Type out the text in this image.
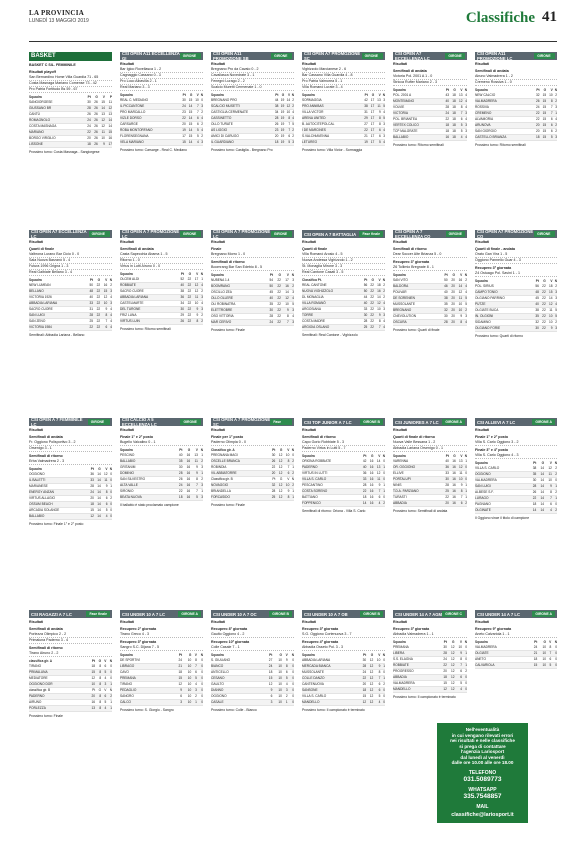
LA PROVINCIA
LUNEDÌ 13 MAGGIO 2019	Classifiche 41
BASKET
BASKET C SIL. FEMMINILE
Risultati playoff
San Bernardino Home Villa Guardia 71 - 65
Costa Masnaga Mariano Comense 73 - 42
Pro Patria Fortitudo Bs 59 - 67
Squadra	Pt	G	V	P
SANGIORGESE	30	26	15	11
GIUSSANO BR	28	26	14	12
CANTÙ	26	26	13	13
ROMAGNOLO	24	26	12	14
COSTA MASNAGA	24	26	12	14
MARIANO	22	26	11	15
BORGO VIRGILIO	20	26	10	16
LISSONE	18	26	9	17
Prossimo turno: Costa Masnaga - Sangiorgese
CSI OPEN A11 ECCELLENZA GI	GIRONE A
Risultati
Bar Igloo Rovellasca 1 - 2
Cagnaggio Cassano 0 - 3
Pro Loco Albavilla 2 - 1
Real Mariano 3 - 3
Squadra	Pt	G	V	N
REAL C. MEDIANO	30	15	10	0
IL PICCANTONE	24	14	7	3
PRO MARCALLO	23	15	7	2
VIZLE DORSO	22	14	6	4
CARSARGE	20	15	6	2
ROBA MONTORFANO	19	14	5	4
FLORENSEGNANA	17	15	5	2
VELA MARIANO	15	14	4	3
Prossimo turno: Carsarge - Real C. Mediano
CSI OPEN A11 PROMOZIONE SB	GIRONE B
Risultati
Bregnano Pro da Cavaio 0 - 2
Cavallasca Novedrate 3 - 1
Fenegrò Lurago 2 - 2
Scalcio Muretti Cermenate 1 - 0
Squadra	Pt	G	V	N
BREGNANO PRO	44	19	14	2
SCALCIO MUSETTI	38	19	12	2
CASTIGLIA CERMENATE	34	19	10	4
CASSINETTO	28	19	8	4
OLLO TURATE	26	19	7	5
AS LIGGIO	23	19	7	2
AMICI DI CARUGO	20	19	6	2
IL GUARDIANO	18	19	5	3
Prossimo turno: Castiglia - Bregnano Pro
CSI OPEN A7 PROMOZIONE SC	GIRONE D
Risultati
Vighizzolo Marcianese 2 - 6
Bar Cassano Villa Guardia 4 - 8
Pro Patria Valmorea 5 - 1
Villa Romanò Lurate 3 - 4
Squadra	Pt	G	V	N
SORMAGGIA	42	17	13	3
PRO ANNIBAS	38	17	11	5
VILLA VICTOR	31	17	9	4
ARENA UNITED	29	17	8	5
B. AUTOCITEPOLCAL	27	17	8	3
I DE MARCINES	22	17	6	4
S.VALCHIAVENNA	21	17	6	3
LETUREO	19	17	5	4
Prossimo turno: Villa Victor - Sormaggia
CSI OPEN A7 ECCELLENZA LC	GIRONE B
Risultati
Semifinali di andata
Victoria Pol. 2001 A 1 - 0
Stricca Rufter Mariano 2 - 3
Squadra	Pt	G	V	N
POL. 2001 A	43	18	13	4
MONTEMANO	40	18	12	4
VOLVIE	28	18	8	4
VICTORIA	24	18	7	3
POL. BRIANTEA	22	18	6	4
VERTEX COLICO	18	18	5	3
TCP MALGRATE	18	18	5	3
BALLABIO	16	18	4	4
Prossimo turno: Ritorno semifinali
CSI OPEN A11 PROMOZIONE LC	GIRONE B
Risultati
Semifinali di andata
Airuno Valmadrera 1 - 2
Cremeno Rossiva 1 - 0
Squadra	Pt	G	V	N
NEW CALCIO	32	15	10	2
VALMADRERA	26	15	8	2
ROSSIVA	24	15	7	3
CREMENO	22	15	7	1
ALVAMORIA	22	15	6	4
ARUNOVA	20	15	6	2
SAN GIORGIO	20	15	6	2
CASTELLO BRIANZA	18	15	5	3
Prossimo turno: Ritorno semifinali
CSI OPEN A7 ECCELLENZA LC	GIRONE A
Risultati
Quarti di finale
Valbrona Lurano Bar Cicio 0 - 0
Sala Nuova Barzanò 5 - 4
Futura 1996 Grigna 1 - 3
Real Galbiate Bellano 3 - 4
Squadra	Pt	G	V	N
NEW LUMEAN	50	22	16	2
BELLANO	48	22	15	3
VICTORIA 1926	40	22	12	4
ABBADIA LARIANA	33	22	10	3
SACRO CUORE	31	22	9	4
SAN LUIGI	28	22	8	4
SAN ZENO	25	22	7	4
VICTORIA 1984	22	22	6	4
Semifinali: Abbadia Lariana - Bellano
CSI OPEN A 7 PROMOZIONE LC	GIRONE A
Risultati
Semifinali di andata
Casta Sapecchia Abama 1 - 5
Ritorno 1 - 0
Virtus in Lutti Airuno 0 - 0
Squadra	Pt	G	V	N
OLCEM ALDI	52	22	17	1
ROBBIATE	40	22	12	4
SACRO CUORE	38	22	12	2
ABBADIA LARIANA	36	22	11	3
CASTELMARTE	34	22	10	4
DEL TURONE	30	22	9	3
FRIZ LUNA	29	22	9	2
VIRTUS LUIN	26	22	8	2
Prossimo turno: Ritorno semifinali
CSI OPEN A 7 PROMOZIONE LC	GIRONE B
Risultati
Finale
Bregnano Morro 1 - 0
Semifinali di ritorno
Boomrang Bar San Edebio 8 - 5
Squadra	Pt	G	V	N
NUBENA 1.4	54	22	17	3
BOOMRANG	50	22	16	2
OSCILLO ZEA	45	22	14	3
OLLO OLLERE	40	22	12	4
OLI ROBINATRA	35	22	10	5
ELETTROBRE	30	22	9	3
OSO VITTORIA	28	22	8	4
MAR CERIVO	24	22	7	3
Prossimo turno: Finale
CSI OPEN A 7 BATTAGLIA	Fase finale
Risultati
Quarti di finale
Villa Romanò Arosio 4 - 5
Nuova Andessa Vighizzolo 1 - 2
St. Monaglia Mirone 3 - 3
Real Cantone Casati 3 - 5
Classifica Pt.	Pt	G	V	N
REAL CANTONE	56	22	18	2
NUOVA VIGHIZZOLO	50	22	16	2
DL MONAGLIA	44	22	14	2
VILLA ROMANÒ	40	22	12	4
ARGOSIANA	33	22	10	3
TORRE	30	22	9	3
COSTA MADRE	28	22	8	4
ARGIOIA OSLANO	25	22	7	4
Semifinali: Real Cantone - Vighizzolo
CSI OPEN A 7 ECCELLENZA CO	GIRONE A
Risultati
Semifinali di ritorno
Dear Soccer Alte Brianza 5 - 0
Recupero 3° giornata
Z6 Tollimio Bregnate 8 - 1
Squadra	Pt	G	V	N
SAN VITO	50	20	16	2
BALDORA	46	20	14	4
POLIVAR	40	20	12	4
DE SORENIEN	38	20	11	5
MUSSOLANTE	35	20	10	5
BREGNANO	32	20	10	2
CNEVOLUTION	30	20	9	3
OSCURA	28	20	8	4
Prossimo turno: Quarti di finale
CSI OPEN A7 PROMOZIONE CO	GIRONE A
Risultati
Quarti di finale - andata
Orato Gan Vira 1 - 5
Oggiono Pannello Guar 4 - 3
Recupero 3ª giornata
Z4 Ostuago Pol. Savini 1 - 1
Squadra	Pt	G	V	N
POL. SIRIUS	56	22	18	2
CAMPO TONIO	48	22	15	3
OLGIANO PARRINO	45	22	14	3
PUTZE	40	22	12	4
OLGIATE BUCA	38	22	11	5
IN. OLGIONI	35	22	10	5
SIDAMINO	32	22	10	2
OLGIANO FORIE	30	22	9	3
Prossimo turno: Quarti di ritorno
CSI OPEN A 7 FEMMINILE LC	GIRONE A
Risultati
Semifinali di andata
Fr. Oggiono Polisportivo 3 - 2
Orsenigo 3 - 1
Semifinali di ritorno
Erba Valmadrera 2 - 3
Squadra	Pt	G	V	N
OGGIONO	36	14	12	0
IL BALETTI	33	14	11	0
MARIANESE	28	14	9	1
ENERGY ANZAN	24	14	8	0
VIRTUS ALLAGIO	20	14	6	2
OSSUM BEACH	18	14	6	0
ARCADIA SOLANGE	15	14	5	0
BALLABIO	12	14	4	0
Prossimo turno: Finale 1° e 2° posto
CSI CALCIO A 5 ECCELLENZA LC	GIRONE B
Risultati
Finale 1° e 2° posto
Bugello Valcalino 0 - 1
Squadra	Pt	G	V	N
PESCINO	40	16	13	1
BALLABIO	35	16	11	2
GRITANIM	30	16	9	3
DOMINIO	28	16	9	1
SAN SILVESTRO	26	16	8	2
ALTA VALLE	24	16	7	3
SIRONIO	22	16	7	1
BEATA NUOVA	18	16	5	3
Il ballabio è stato proclamato campione
CSI OPEN A 7 PROMOZIONE SC	Fase finale
Risultati
Finale per 1° posto
Paderno Olimpia 0 - 0
Classifica gir. A	Pt	G	V	N
PREGNANA MAGI	30	12	10	0
OSCELLE BRANCA	26	12	8	2
ROBINDIA	22	12	7	1
VIL ABBIATORRE	20	12	6	2
Classifica gir. B	Pt	G	V	N
NOVAGGIO	32	12	10	2
BRIANDELLA	28	12	9	1
FORCASIDO	25	12	8	1
Prossimo turno: Finale
CSI TOP JUNIOR A 7 LC	GIRONE B
Risultati
Semifinali di ritorno
Capo Gorio Robbiate 5 - 3
Paderno Virtus in Lutti 5 - 7
Squadra	Pt	G	V	N
ORIONA ROBBIATE	42	16	14	0
PADERNO	40	16	13	1
VIRTUS IN LUTTI	36	16	12	0
VILLA S. CARLO	33	16	11	0
PESCANTINO	28	16	9	1
COSTA SORENO	22	16	7	1
BATTIANO	18	16	6	0
FOPPENICO	14	16	4	2
Semifinali di ritorno: Oriona - Villa S. Carlo
CSI JUNIORES A 7 LC	GIRONE A
Risultati
Quarti di finale di ritorno
Nuova Valle Bessana 1 - 2
Abbadia Lariana Orsenigo 0 - 1
Squadra	Pt	G	V	N
VARENNA	40	16	13	1
OR. OGGIONO	36	16	12	0
ELLIVE	33	16	11	0
PORTALUPI	30	16	10	0
NINIS	28	16	9	1
T.D.A. PARZIANO	25	16	8	1
TURASTI	22	16	7	1
ABBADIA	20	16	6	2
Prossimo turno: Semifinali di andata
CSI ALLIEVI A 7 LC	GIRONE A
Risultati
Finale 1° e 2° posto
Villa S. Carlo Oggiono 3 - 2
Finale 3° e 4° posto
Villa S. Carlo Oggiono 4 - 3
Squadra	Pt	G	V	N
VILLA S. CARLO	38	14	12	2
OGGIONO	35	14	11	2
VALMADRERA	30	14	10	0
SAN LUIGI	28	14	9	1
ALBESE S.F.	26	14	8	2
LURAGO	22	14	7	1
PAGNANO	18	14	6	0
OLGINATE	14	14	4	2
Il Oggiono vince il titolo di campione
CSI RAGAZZI A 7 LC	Fase finale
Risultati
Semifinali di andata
Porlezza Olimpico 2 - 2
Primaluna Paderno 3 - 4
Semifinali di ritorno
Tirano Airuno 2 - 2
classifica gir. A	Pt	G	V	N
TIRANO	18	8	6	0
PRIMALUNA	15	8	5	0
MEDIATORE	12	8	4	0
OGGIONO DOR	10	8	3	1
classifica gir. B	Pt	G	V	N
PADERNO	20	8	6	2
AIRUNO	16	8	5	1
PORLEZZA	13	8	4	1
Prossimo turno: Finale
CSI UNDER 10 A 7 LC	GIRONE A
Risultati
Recupero 2° giornata
Tirano Greco 4 - 3
Recupero 3ª giornata
Sangro S.C. Dijana 7 - 5
Squadra	Pt	G	V	N
DE SPORTIVI	24	10	8	0
LIBRAGO	21	10	7	0
CAVO	18	10	6	0
PREMANA	15	10	5	0
TIRANO	12	10	4	0
PEDAGLIO	9	10	3	0
SANGRO	6	10	2	0
CALCO	3	10	1	0
Prossimo turno: S. Giorgio - Sangro
CSI UNDER 10 A 7 OC	GIRONE B
Risultati
Recupero 8° giornata
Gaulto Oggiono 4 - 2
Recupero 10ª giornata
Colle Casale 7 - 1
Squadra	Pt	G	V	N
S. GIULIANO	27	10	9	0
BIANCO	24	10	8	0
ANTICELLO	18	10	6	0
CESANO	15	10	5	0
GAULTO	12	10	4	0
DIANNO	9	10	3	0
OGGIONO	6	10	2	0
CASALE	3	10	1	0
Prossimo turno: Colle - Bianco
CSI UNDER 10 A 7 OB	GIRONE B
Risultati
Recupero 3ª giornata
S.G. Oggiono Cortenuova 3 - 7
Recupero 4ª giornata
Abbadia Osseto Pol. 3 - 3
Squadra	Pt	G	V	N
ABBADIA LARIANA	30	12	10	0
MERCADA BIANCA	28	12	9	1
MUSSOLANTE	24	12	8	0
COLLE DANZO	22	12	7	1
CANTENUOVA	20	12	6	2
SANSONE	18	12	6	0
VILLA S. CARLO	15	12	5	0
MANDELLO	12	12	4	0
Prossimo turno: Il campionato è terminato
CSI UNDER 14 A 7 AGM GIRONE C
Risultati
Recupero 3ª giornata
Abbadia Valmadrera 1 - 1
Squadra	Pt	G	V	N
PREMANA	30	12	10	0
LIBERA	28	12	9	1
S.S. ELAGNA	24	12	8	0
ROBBIATE	22	12	7	1
PROGRESSO	20	12	6	2
ABBADIA	18	12	6	0
VALMADRERA	15	12	5	0
MANDELLO	12	12	4	0
Prossimo turno: Il campionato è terminato
CSI UNDER 14 A 7 LC	GIRONE A
Risultati
Recupero 9° giornata
Aneto Calvariola 1 - 1
Squadra	Pt	G	V	N
VALMADRERA	24	10	8	0
OLGIATE	21	10	7	0
ANETO	18	10	6	0
CALVARIOLA	15	10	5	0
Nell'eventualità
in cui vengano rilevati errori
nei risultati e nelle classifiche
si prega di contattare
l'agenzia Lariosport
dal lunedì al venerdì
dalle ore 10.00 alle ore 18.00
TELEFONO
031.5089773
WHATSAPP
335.7548857
MAIL
classifiche@lariosport.it
